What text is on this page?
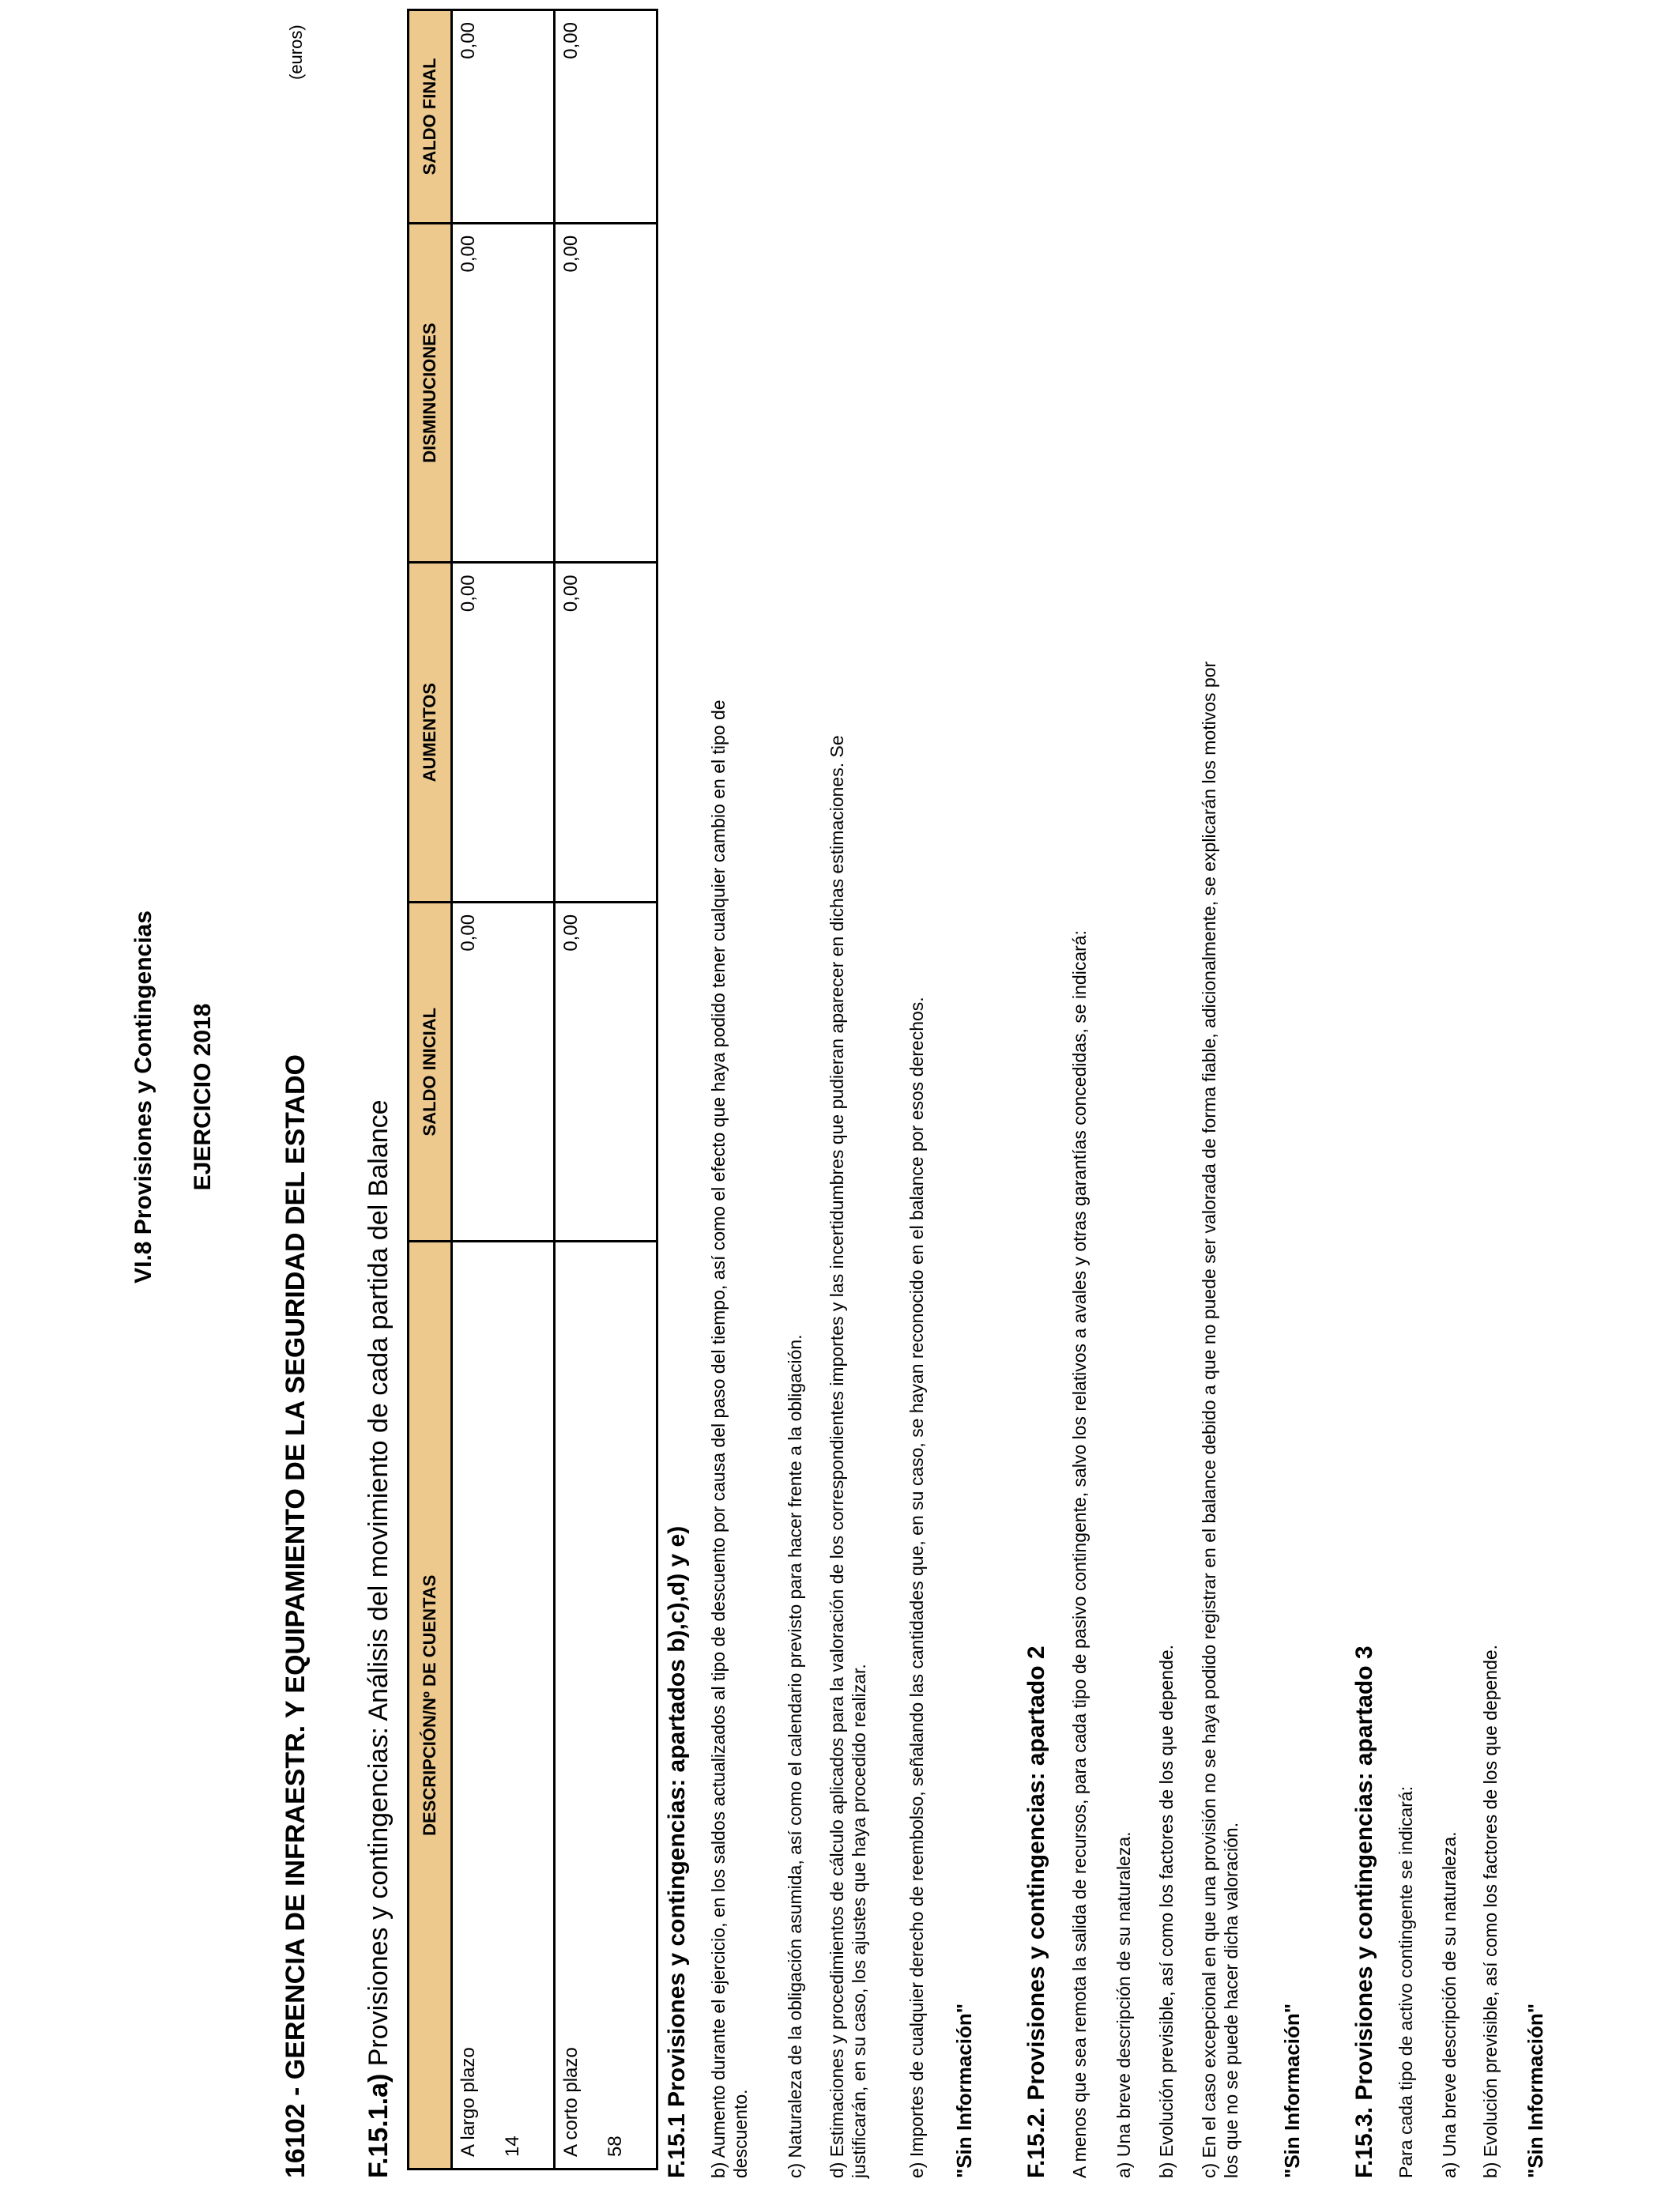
VI.8 Provisiones y Contingencias EJERCICIO 2018
(euros)
16102 - GERENCIA DE INFRAESTR. Y EQUIPAMIENTO DE LA SEGURIDAD DEL ESTADO F.15.1.a) Provisiones y contingencias: Análisis del movimiento de cada partida del Balance DESCRIPCIÓN/Nº DE CUENTAS	SALDO INICIAL	AUMENTOS	DISMINUCIONES	SALDO FINAL

A largo plazo 14	0,00	0,00	0,00	0,00

A corto plazo 58	0,00	0,00	0,00	0,00
F.15.1 Provisiones y contingencias: apartados b),c),d) y e) b) Aumento durante el ejercicio, en los saldos actualizados al tipo de descuento por causa del paso del tiempo, así como el efecto que haya podido tener cualquier cambio en el tipo de descuento. c) Naturaleza de la obligación asumida, así como el calendario previsto para hacer frente a la obligación. d) Estimaciones y procedimientos de cálculo aplicados para la valoración de los correspondientes importes y las incertidumbres que pudieran aparecer en dichas estimaciones. Se justificarán, en su caso, los ajustes que haya procedido realizar. e) Importes de cualquier derecho de reembolso, señalando las cantidades que, en su caso, se hayan reconocido en el balance por esos derechos. "Sin Información" F.15.2. Provisiones y contingencias: apartado 2 A menos que sea remota la salida de recursos, para cada tipo de pasivo contingente, salvo los relativos a avales y otras garantías concedidas, se indicará: a) Una breve descripción de su naturaleza. b) Evolución previsible, así como los factores de los que depende. c) En el caso excepcional en que una provisión no se haya podido registrar en el balance debido a que no puede ser valorada de forma fiable, adicionalmente, se explicarán los motivos por los que no se puede hacer dicha valoración. "Sin Información" F.15.3. Provisiones y contingencias: apartado 3 Para cada tipo de activo contingente se indicará: a) Una breve descripción de su naturaleza. b) Evolución previsible, así como los factores de los que depende. "Sin Información"
